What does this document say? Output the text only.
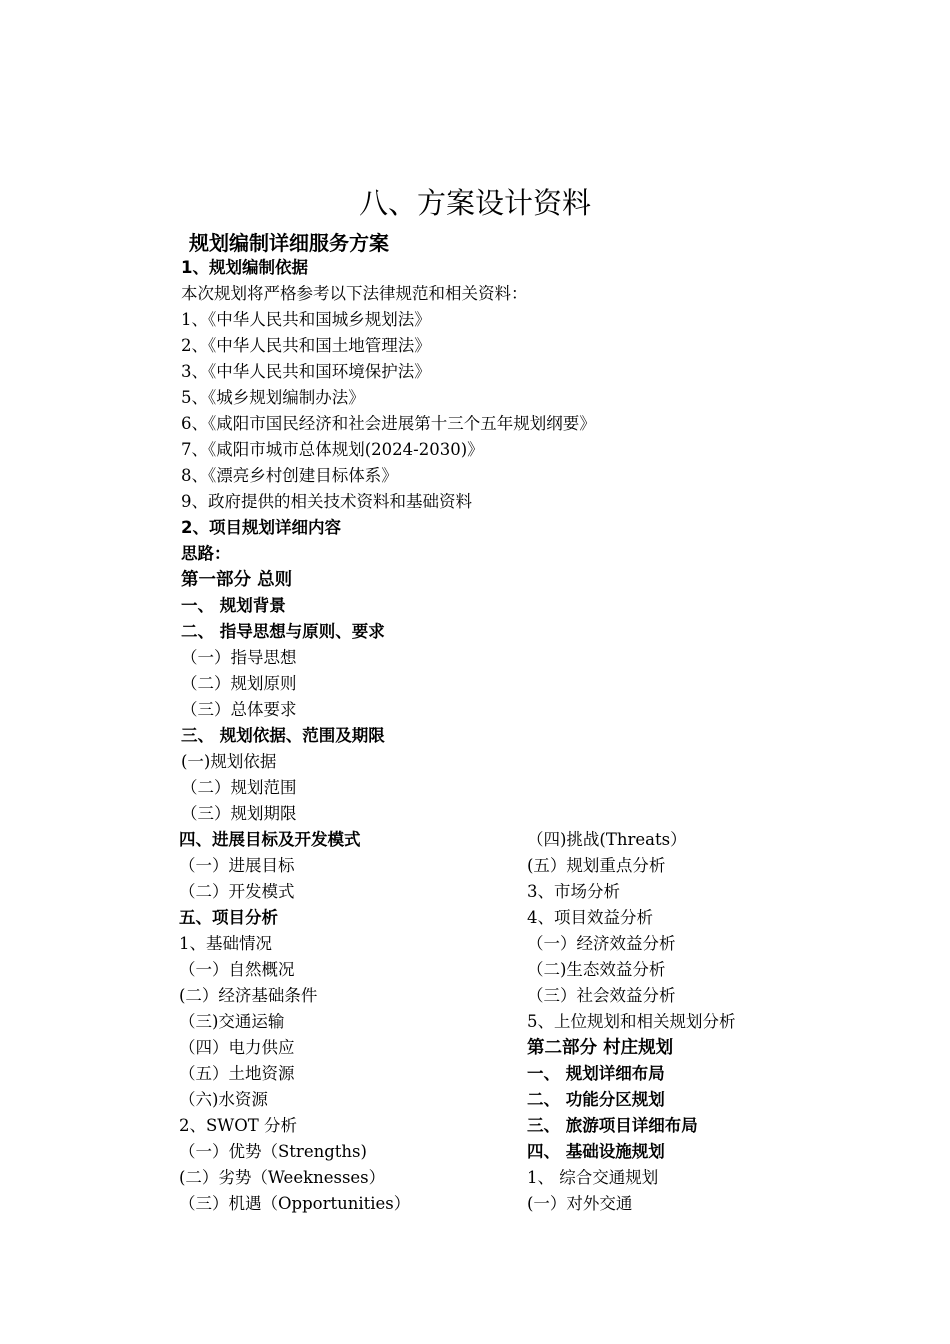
八、方案设计资料
规划编制详细服务方案
1、规划编制依据
本次规划将严格参考以下法律规范和相关资料：
1、《中华人民共和国城乡规划法》
2、《中华人民共和国土地管理法》
3、《中华人民共和国环境保护法》
5、《城乡规划编制办法》
6、《咸阳市国民经济和社会进展第十三个五年规划纲要》
7、《咸阳市城市总体规划(2024-2030)》
8、《漂亮乡村创建目标体系》
9、政府提供的相关技术资料和基础资料
2、项目规划详细内容
思路：
第一部分 总则
一、 规划背景
二、 指导思想与原则、要求
（一）指导思想
（二）规划原则
（三）总体要求
三、 规划依据、范围及期限
(一)规划依据
（二）规划范围
（三）规划期限
四、进展目标及开发模式
（一）进展目标
（二）开发模式
五、项目分析
1、基础情况
（一）自然概况
(二）经济基础条件
（三)交通运输
（四）电力供应
（五）土地资源
（六)水资源
2、SWOT 分析
（一）优势（Strengths)
(二）劣势（Weeknesses）
（三）机遇（Opportunities）
（四)挑战(Threats）
(五）规划重点分析
3、市场分析
4、项目效益分析
（一）经济效益分析
（二)生态效益分析
（三）社会效益分析
5、上位规划和相关规划分析
第二部分 村庄规划
一、 规划详细布局
二、 功能分区规划
三、 旅游项目详细布局
四、 基础设施规划
1、 综合交通规划
(一）对外交通
